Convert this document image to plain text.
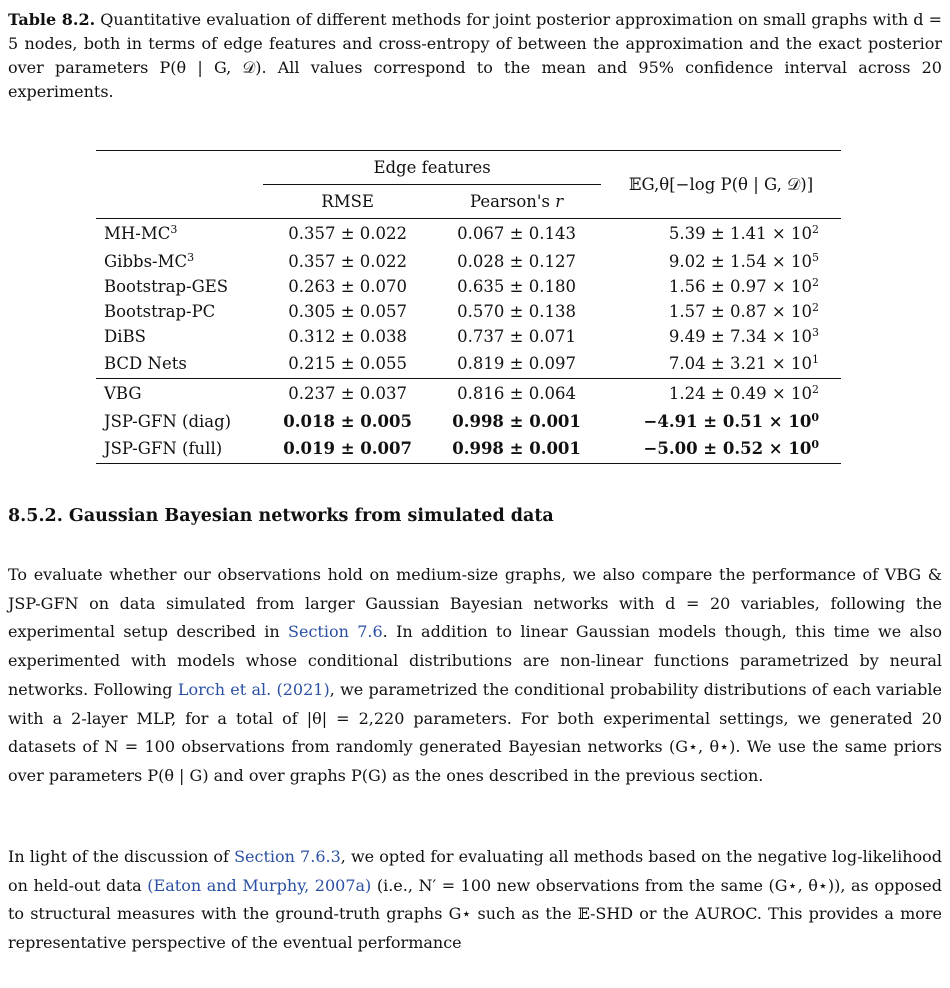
Table 8.2. Quantitative evaluation of different methods for joint posterior approximation on small graphs with d = 5 nodes, both in terms of edge features and cross-entropy of between the approximation and the exact posterior over parameters P(θ | G, 𝒟). All values correspond to the mean and 95% confidence interval across 20 experiments.

	Edge features		𝔼G,θ[−log P(θ | G, 𝒟)]
	RMSE	Pearson's r	
$MH-MC^3$	0.357 ± 0.022	0.067 ± 0.143	$5.39 \pm 1.41 \times 10^2$
Gibbs-$MC^3$	0.357 ± 0.022	0.028 ± 0.127	$9.02 \pm 1.54 \times 10^5$
Bootstrap-GES	0.263 ± 0.070	0.635 ± 0.180	$1.56 \pm 0.97 \times 10^2$
Bootstrap-PC	0.305 ± 0.057	0.570 ± 0.138	$1.57 \pm 0.87 \times 10^2$
DiBS	0.312 ± 0.038	0.737 ± 0.071	$9.49 \pm 7.34 \times 10^3$
BCD Nets	0.215 ± 0.055	0.819 ± 0.097	$7.04 \pm 3.21 \times 10^1$
VBG	0.237 ± 0.037	0.816 ± 0.064	$1.24 \pm 0.49 \times 10^2$
JSP-GFN (diag)	0.018 ± 0.005	0.998 ± 0.001	$-4.91 \pm 0.51 \times 10^0$
JSP-GFN (full)	0.019 ± 0.007	0.998 ± 0.001	$-5.00 \pm 0.52 \times 10^0$
8.5.2. Gaussian Bayesian networks from simulated data

To evaluate whether our observations hold on medium-size graphs, we also compare the performance of VBG & JSP-GFN on data simulated from larger Gaussian Bayesian networks with d = 20 variables, following the experimental setup described in Section 7.6. In addition to linear Gaussian models though, this time we also experimented with models whose conditional distributions are non-linear functions parametrized by neural networks. Following Lorch et al. (2021), we parametrized the conditional probability distributions of each variable with a 2-layer MLP, for a total of |θ| = 2,220 parameters. For both experimental settings, we generated 20 datasets of N = 100 observations from randomly generated Bayesian networks (G⋆, θ⋆). We use the same priors over parameters P(θ | G) and over graphs P(G) as the ones described in the previous section.

In light of the discussion of Section 7.6.3, we opted for evaluating all methods based on the negative log-likelihood on held-out data (Eaton and Murphy, 2007a) (i.e., N′ = 100 new observations from the same (G⋆, θ⋆)), as opposed to structural measures with the ground-truth graphs G⋆ such as the 𝔼-SHD or the AUROC. This provides a more representative perspective of the eventual performance
